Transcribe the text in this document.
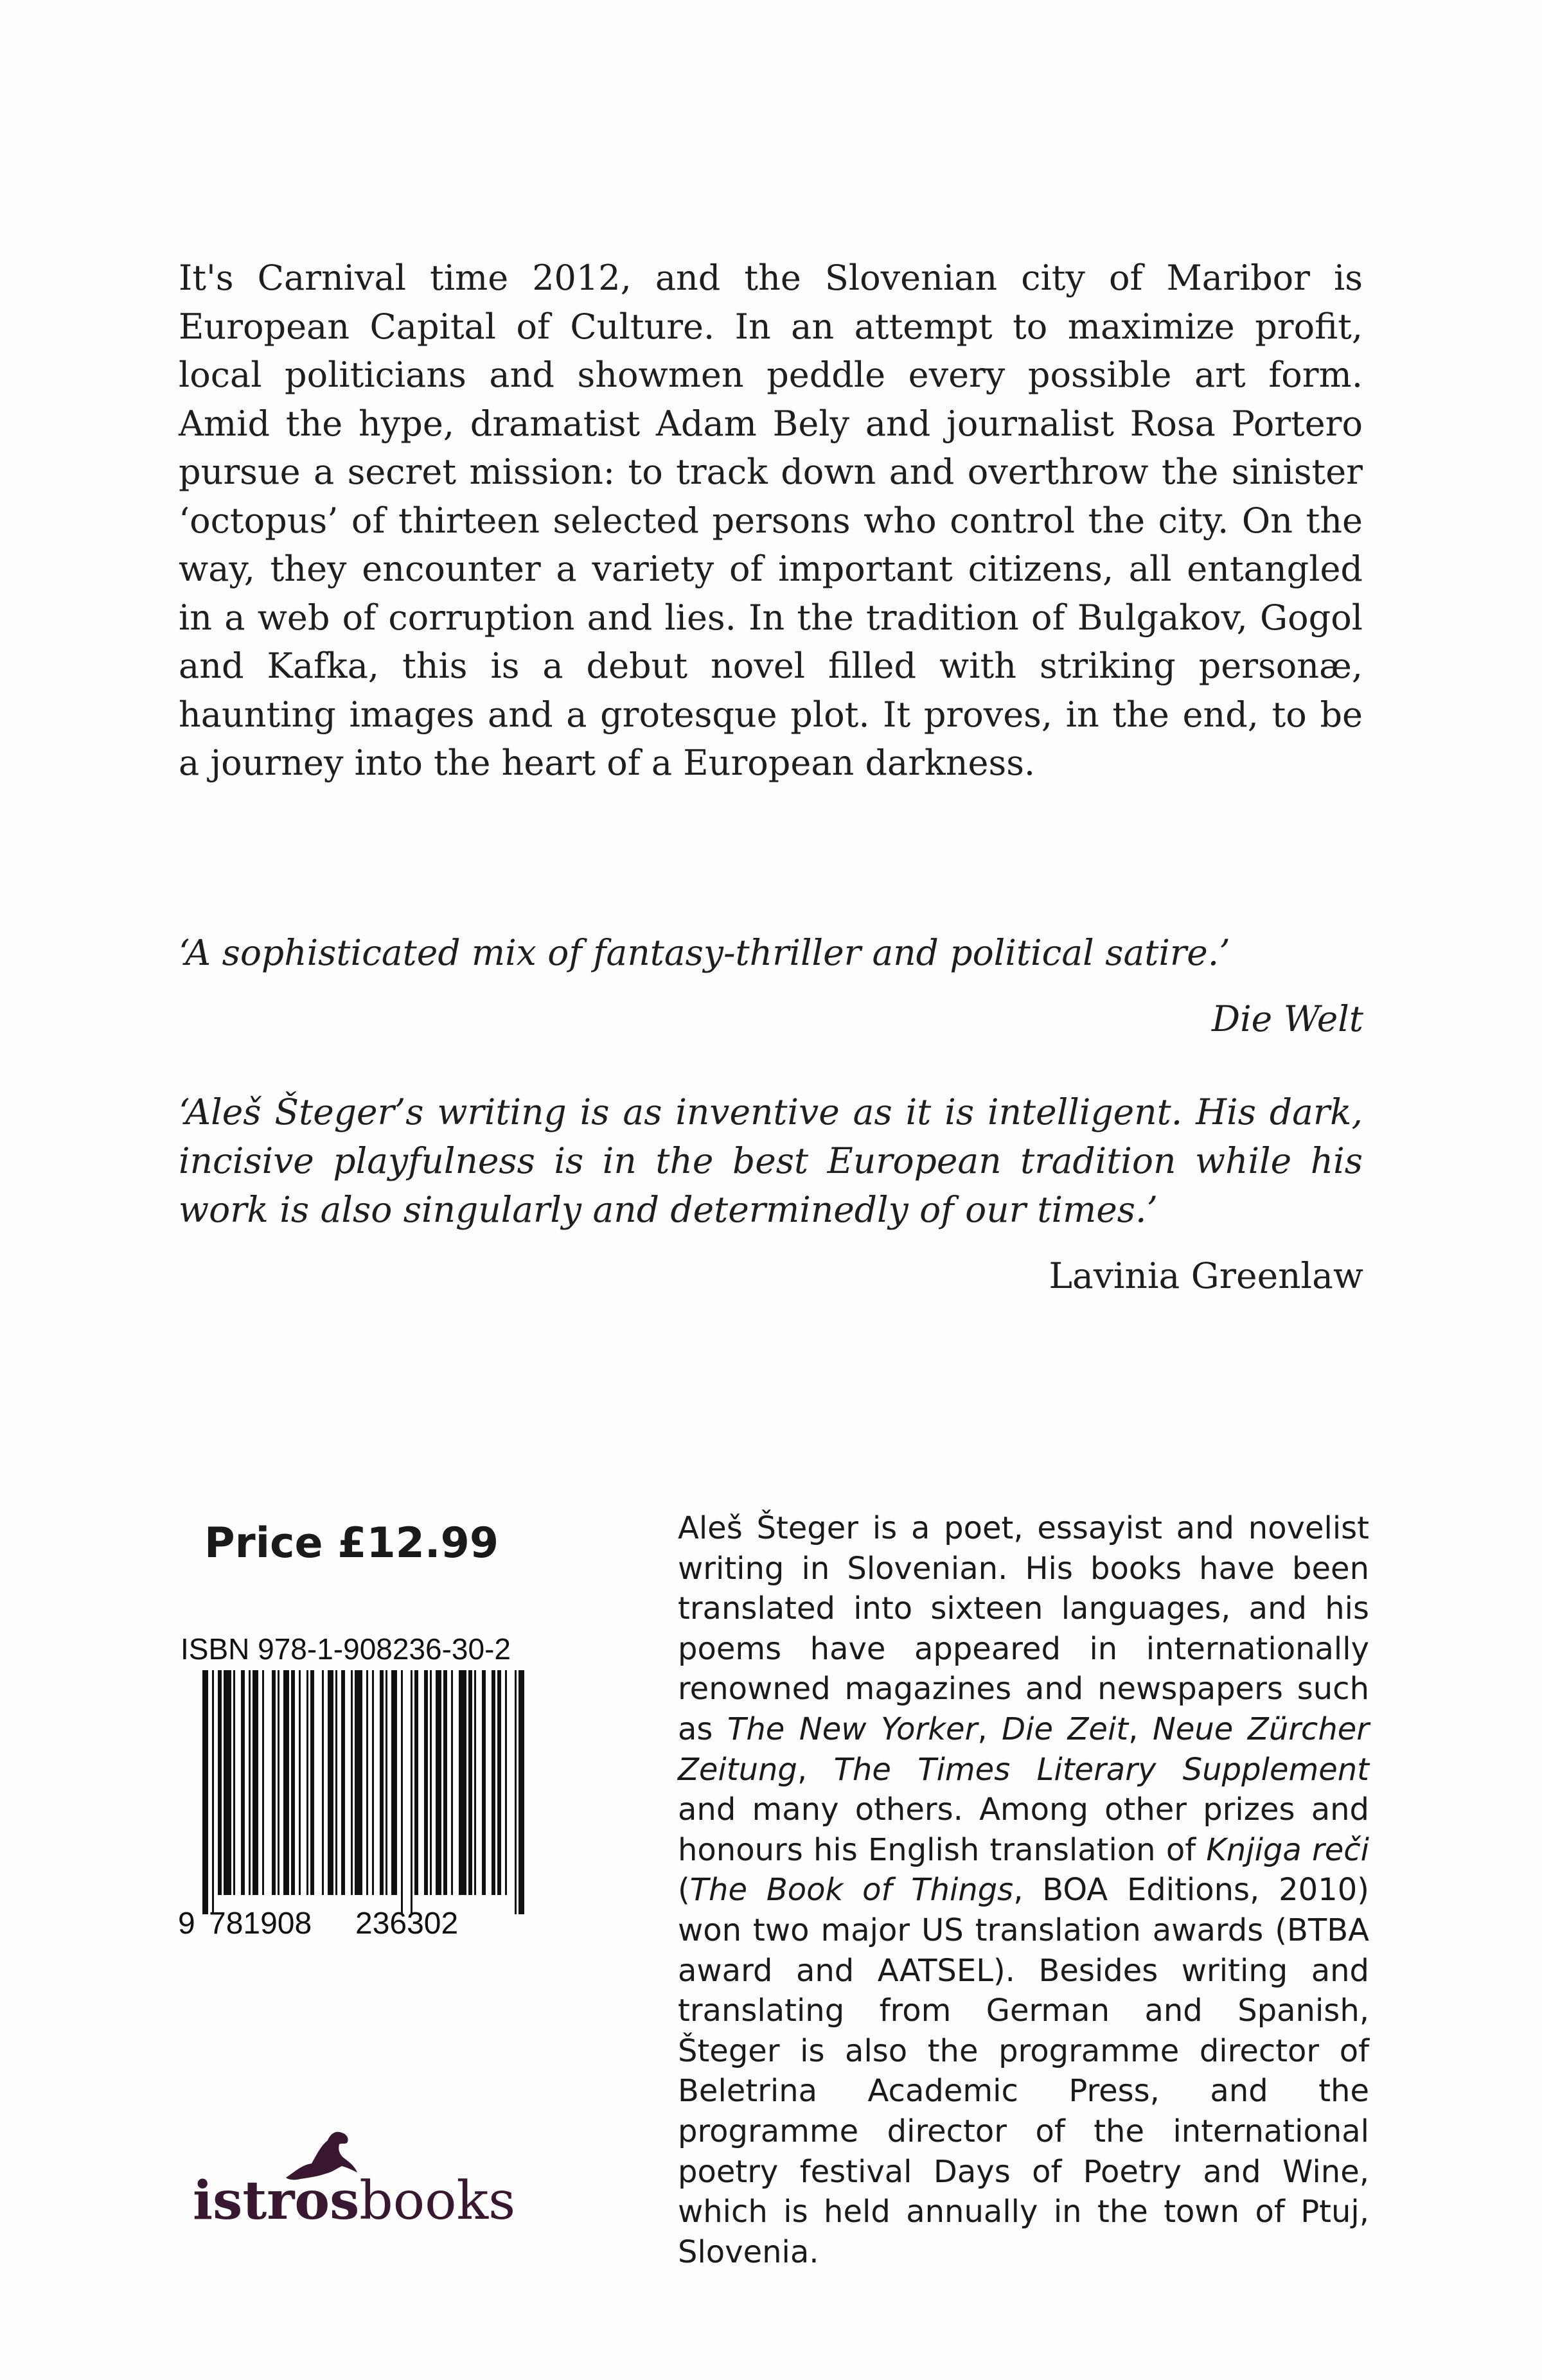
It's Carnival time 2012, and the Slovenian city of Maribor is European Capital of Culture. In an attempt to maximize profit, local politicians and showmen peddle every possible art form. Amid the hype, dramatist Adam Bely and journalist Rosa Portero pursue a secret mission: to track down and overthrow the sinister ‘octopus’ of thirteen selected persons who control the city. On the way, they encounter a variety of important citizens, all entangled in a web of corruption and lies. In the tradition of Bulgakov, Gogol and Kafka, this is a debut novel filled with striking personæ, haunting images and a grotesque plot. It proves, in the end, to be a journey into the heart of a European darkness.

‘A sophisticated mix of fantasy-thriller and political satire.’

Die Welt

‘Aleš Šteger’s writing is as inventive as it is intelligent. His dark, incisive playfulness is in the best European tradition while his work is also singularly and determinedly of our times.’

Lavinia Greenlaw

Price £12.99

ISBN 978-1-908236-30-2

9 781908 236302

Aleš Šteger is a poet, essayist and novelist writing in Slovenian. His books have been translated into sixteen languages, and his poems have appeared in internationally renowned magazines and newspapers such as The New Yorker, Die Zeit, Neue Zürcher Zeitung, The Times Literary Supplement and many others. Among other prizes and honours his English translation of Knjiga reči (The Book of Things, BOA Editions, 2010) won two major US translation awards (BTBA award and AATSEL). Besides writing and translating from German and Spanish, Šteger is also the programme director of Beletrina Academic Press, and the programme director of the international poetry festival Days of Poetry and Wine, which is held annually in the town of Ptuj, Slovenia.

istrosbooks
